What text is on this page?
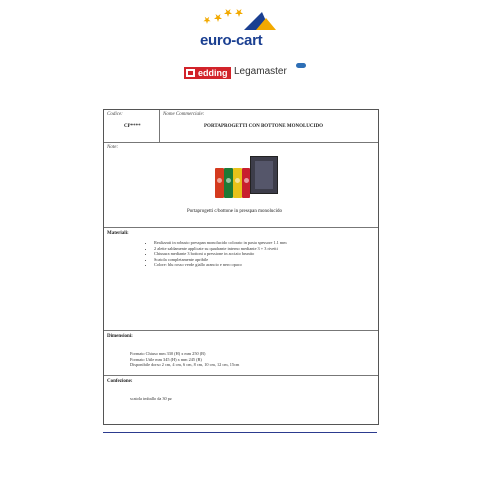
euro-cart
edding Legamaster
Codice:
CP****
Nome Commerciale:
PORTAPROGETTI CON BOTTONE MONOLUCIDO
Note:
Portaprogetti c/bottone in presspan monolucido
Materiali:
• Realizzati in robusto presspan monolucido colorato in pasta spessore 1.1 mm
• 2 alette saldamente applicate su quadrante interno mediante 3 + 3 rivetti
• Chiusura mediante 3 bottoni a pressione in acciaio brunito
• Scatola completamente apribile
• Colore: blu rosso verde giallo arancio e nero opaco
Dimensioni:
Formato Chiuso mm 330 (H) x mm 250 (B)
Formato Utile mm 345 (H) x mm 245 (B)
Disponibile dorso 2 cm, 4 cm, 6 cm, 8 cm, 10 cm, 12 cm, 15cm
Confezione:
scatola imballo da 30 pz
